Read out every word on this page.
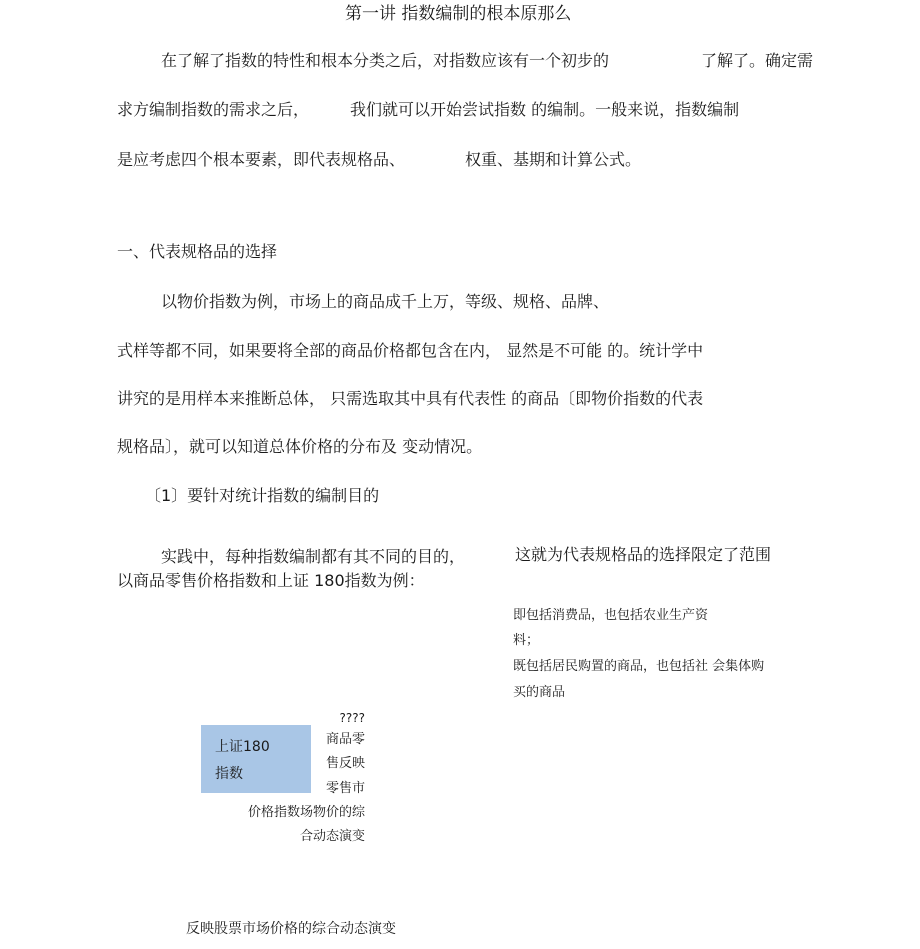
第一讲 指数编制的根本原那么

在了解了指数的特性和根本分类之后，对指数应该有一个初步的	了解了。确定需

求方编制指数的需求之后，	我们就可以开始尝试指数 的编制。一般来说，指数编制

是应考虑四个根本要素，即代表规格品、	权重、基期和计算公式。

一、代表规格品的选择

以物价指数为例，市场上的商品成千上万，等级、规格、品牌、

式样等都不同，如果要将全部的商品价格都包含在内， 显然是不可能 的。统计学中

讲究的是用样本来推断总体， 只需选取其中具有代表性 的商品〔即物价指数的代表

规格品〕，就可以知道总体价格的分布及 变动情况。

〔1〕要针对统计指数的编制目的

实践中，每种指数编制都有其不同的目的，	这就为代表规格品的选择限定了范围

以商品零售价格指数和上证 180指数为例：

即包括消费品，也包括农业生产资

料；

既包括居民购置的商品，也包括社 会集体购

买的商品

????

上证180
指数

商品零

售反映

零售市

价格指数场物价的综

合动态演变

反映股票市场价格的综合动态演变
